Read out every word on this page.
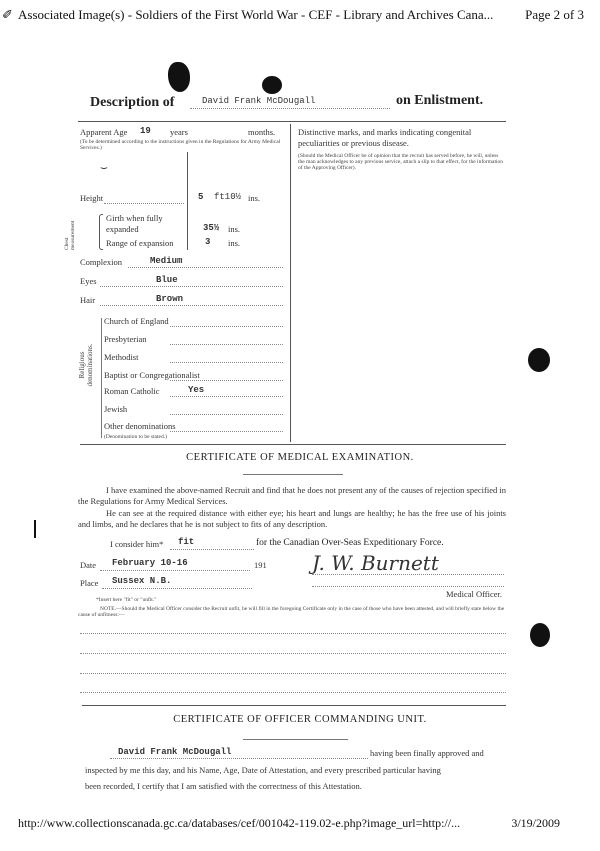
✐ Associated Image(s) - Soldiers of the First World War - CEF - Library and Archives Cana... Page 2 of 3
Description of	David Frank McDougall	on Enlistment.
Apparent Age 19 years	months.
(To be determined according to the instructions given in the Regulations for Army Medical Services.)
⌣
Height	5 ft10½ ins.
Chest measurement
Girth when fully expanded	35½ ins.
Range of expansion	3 ins.
Complexion	Medium
Eyes	Blue
Hair	Brown
Religious denominations.
Church of England
Presbyterian
Methodist
Baptist or Congregationalist
Roman Catholic	Yes
Jewish
Other denominations
(Denomination to be stated.)
Distinctive marks, and marks indicating congenital peculiarities or previous disease.
(Should the Medical Officer be of opinion that the recruit has served before, he will, unless the man acknowledges to any previous service, attach a slip to that effect, for the information of the Approving Officer).
CERTIFICATE OF MEDICAL EXAMINATION.
I have examined the above-named Recruit and find that he does not present any of the causes of rejection specified in the Regulations for Army Medical Services.
He can see at the required distance with either eye; his heart and lungs are healthy; he has the free use of his joints and limbs, and he declares that he is not subject to fits of any description.
I consider him* fit	for the Canadian Over-Seas Expeditionary Force.
Date February 10-16	191 J. W. Burnett
Place Sussex N.B.
Medical Officer.
*Insert here "fit" or "unfit."
NOTE.—Should the Medical Officer consider the Recruit unfit, he will fill in the foregoing Certificate only in the case of those who have been attested, and will briefly state below the cause of unfitness:—
CERTIFICATE OF OFFICER COMMANDING UNIT.
David Frank McDougall	having been finally approved and
inspected by me this day, and his Name, Age, Date of Attestation, and every prescribed particular having
been recorded, I certify that I am satisfied with the correctness of this Attestation.
http://www.collectionscanada.gc.ca/databases/cef/001042-119.02-e.php?image_url=http://...	3/19/2009
